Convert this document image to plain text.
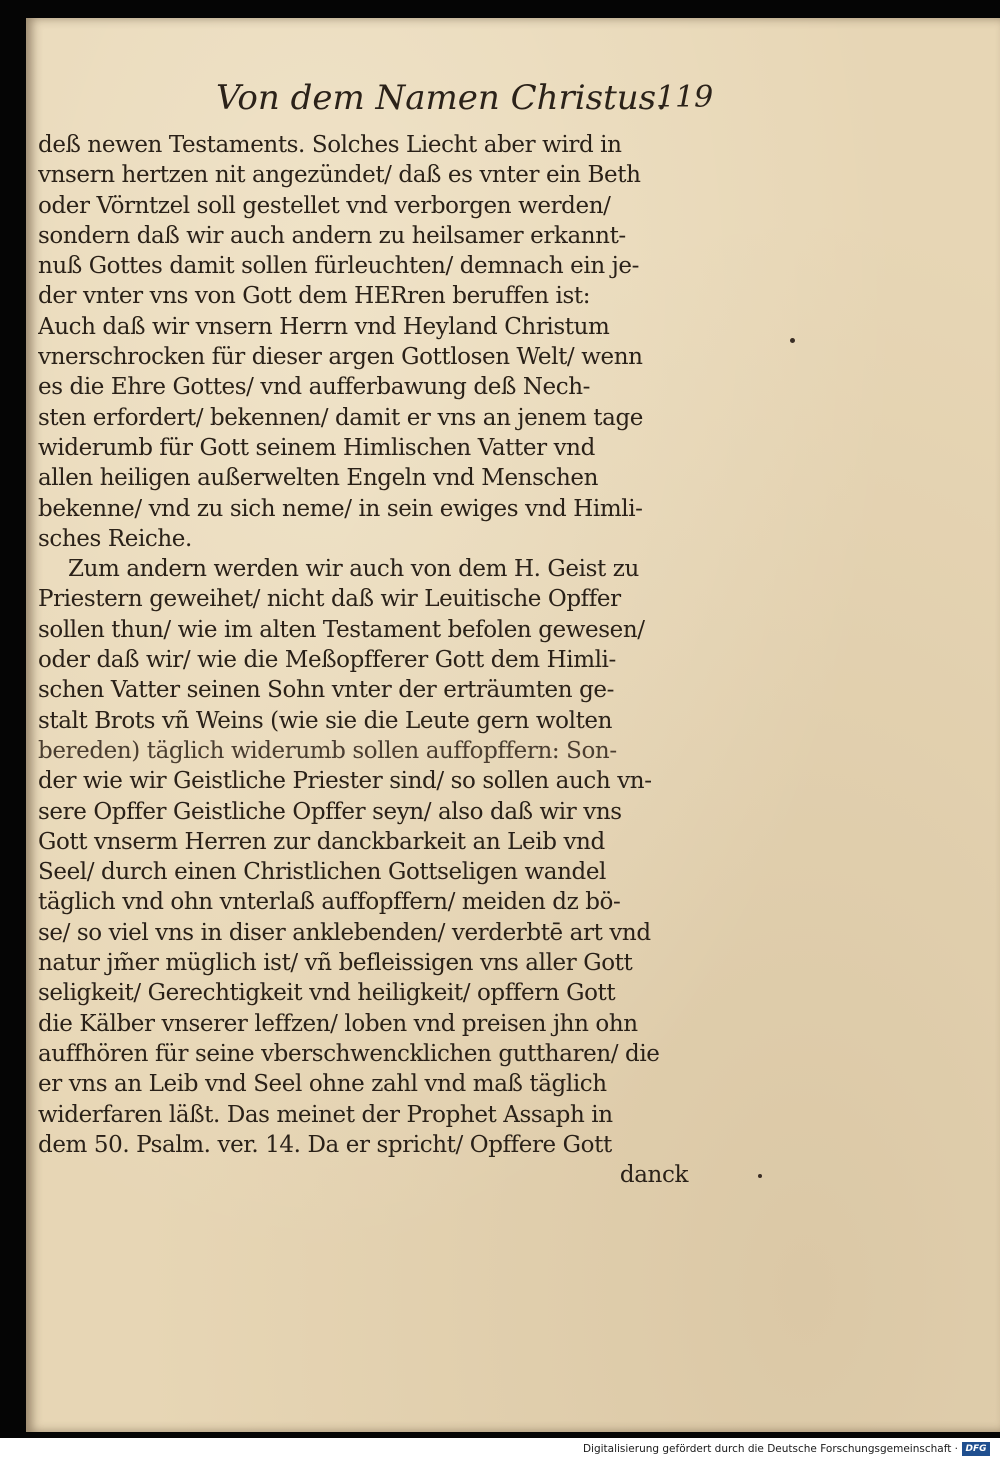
Von dem Namen Christus.
119
deß newen Testaments. Solches Liecht aber wird in
vnsern hertzen nit angezündet/ daß es vnter ein Beth
oder Vörntzel soll gestellet vnd verborgen werden/
sondern daß wir auch andern zu heilsamer erkannt-
nuß Gottes damit sollen fürleuchten/ demnach ein je-
der vnter vns von Gott dem HERren beruffen ist:
Auch daß wir vnsern Herrn vnd Heyland Christum
vnerschrocken für dieser argen Gottlosen Welt/ wenn
es die Ehre Gottes/ vnd aufferbawung deß Nech-
sten erfordert/ bekennen/ damit er vns an jenem tage
widerumb für Gott seinem Himlischen Vatter vnd
allen heiligen außerwelten Engeln vnd Menschen
bekenne/ vnd zu sich neme/ in sein ewiges vnd Himli-
sches Reiche.
Zum andern werden wir auch von dem H. Geist zu
Priestern geweihet/ nicht daß wir Leuitische Opffer
sollen thun/ wie im alten Testament befolen gewesen/
oder daß wir/ wie die Meßopfferer Gott dem Himli-
schen Vatter seinen Sohn vnter der erträumten ge-
stalt Brots vñ Weins (wie sie die Leute gern wolten
bereden) täglich widerumb sollen auffopffern: Son-
der wie wir Geistliche Priester sind/ so sollen auch vn-
sere Opffer Geistliche Opffer seyn/ also daß wir vns
Gott vnserm Herren zur danckbarkeit an Leib vnd
Seel/ durch einen Christlichen Gottseligen wandel
täglich vnd ohn vnterlaß auffopffern/ meiden dz bö-
se/ so viel vns in diser anklebenden/ verderbtē art vnd
natur jm̃er müglich ist/ vñ befleissigen vns aller Gott
seligkeit/ Gerechtigkeit vnd heiligkeit/ opffern Gott
die Kälber vnserer leffzen/ loben vnd preisen jhn ohn
auffhören für seine vberschwencklichen guttharen/ die
er vns an Leib vnd Seel ohne zahl vnd maß täglich
widerfaren läßt. Das meinet der Prophet Assaph in
dem 50. Psalm. ver. 14. Da er spricht/ Opffere Gott
danck
Digitalisierung gefördert durch die Deutsche Forschungsgemeinschaft · DFG
